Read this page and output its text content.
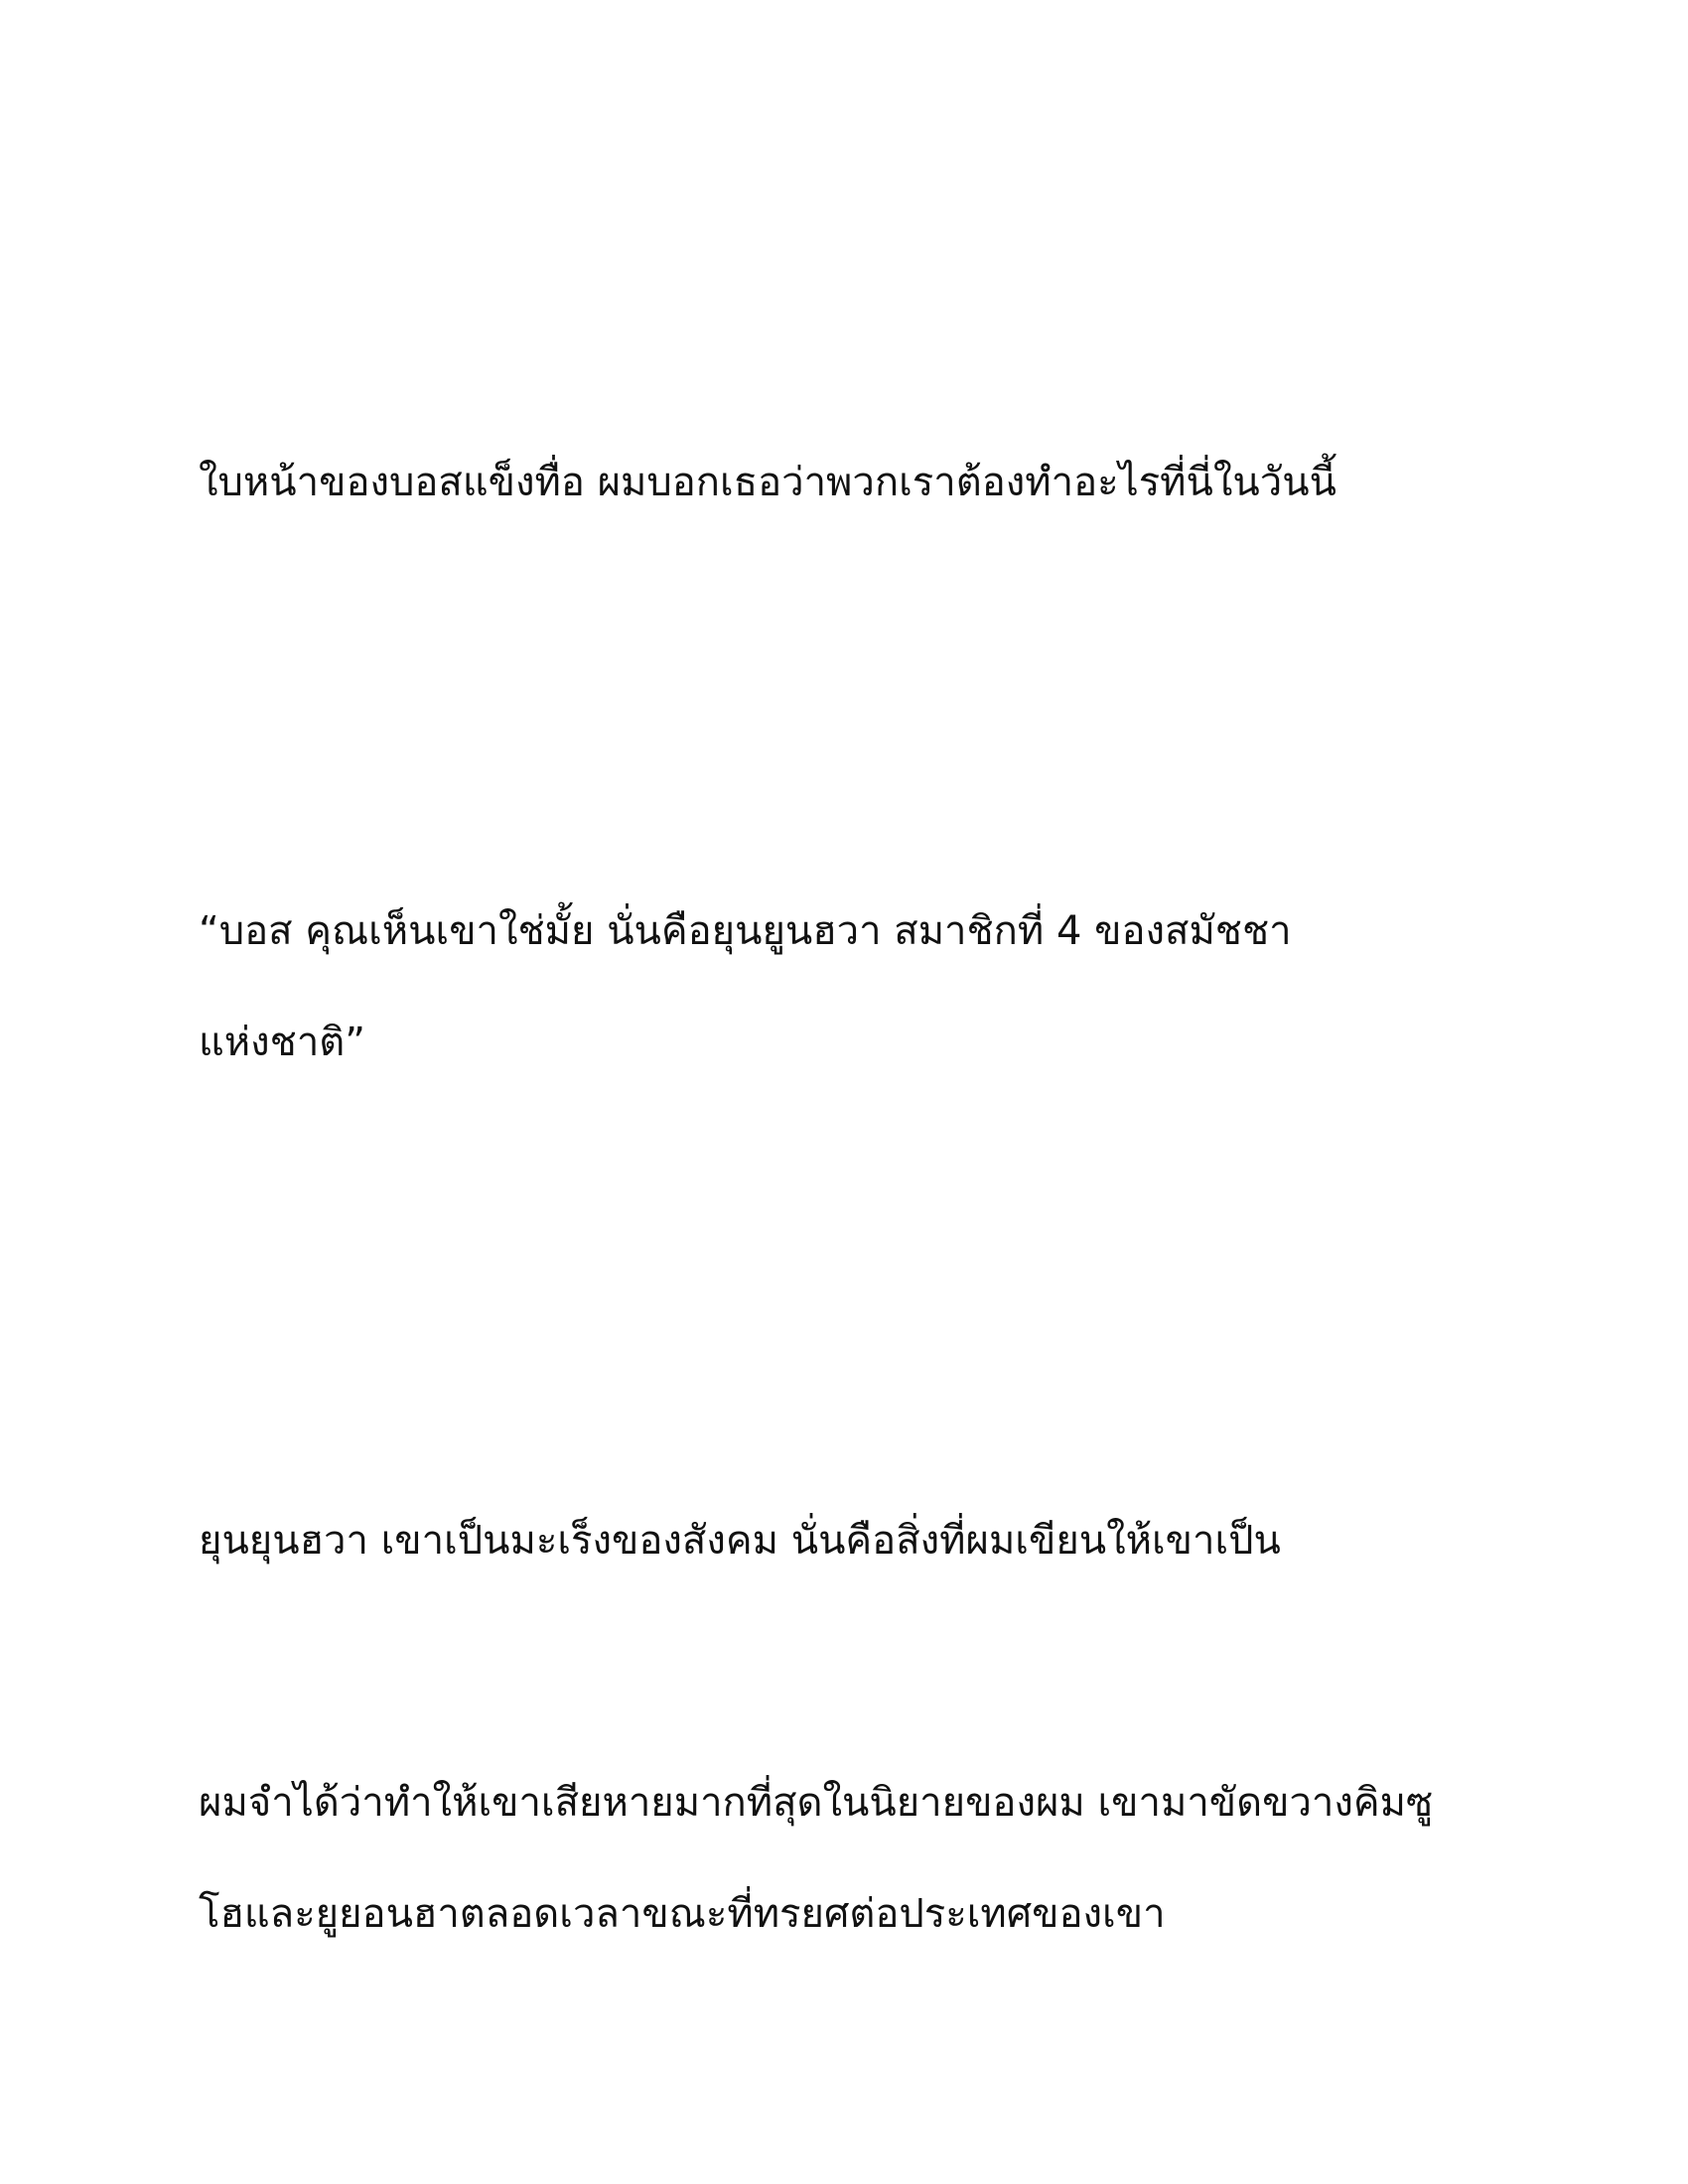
ใบหน้าของบอสแข็งทื่อ ผมบอกเธอว่าพวกเราต้องทำอะไรที่นี่ในวันนี้

“บอส คุณเห็นเขาใช่มั้ย นั่นคือยุนยูนฮวา สมาชิกที่ 4 ของสมัชชา
แห่งชาติ”

ยุนยุนฮวา เขาเป็นมะเร็งของสังคม นั่นคือสิ่งที่ผมเขียนให้เขาเป็น

ผมจำได้ว่าทำให้เขาเสียหายมากที่สุดในนิยายของผม เขามาขัดขวางคิมซู
โฮและยูยอนฮาตลอดเวลาขณะที่ทรยศต่อประเทศของเขา
